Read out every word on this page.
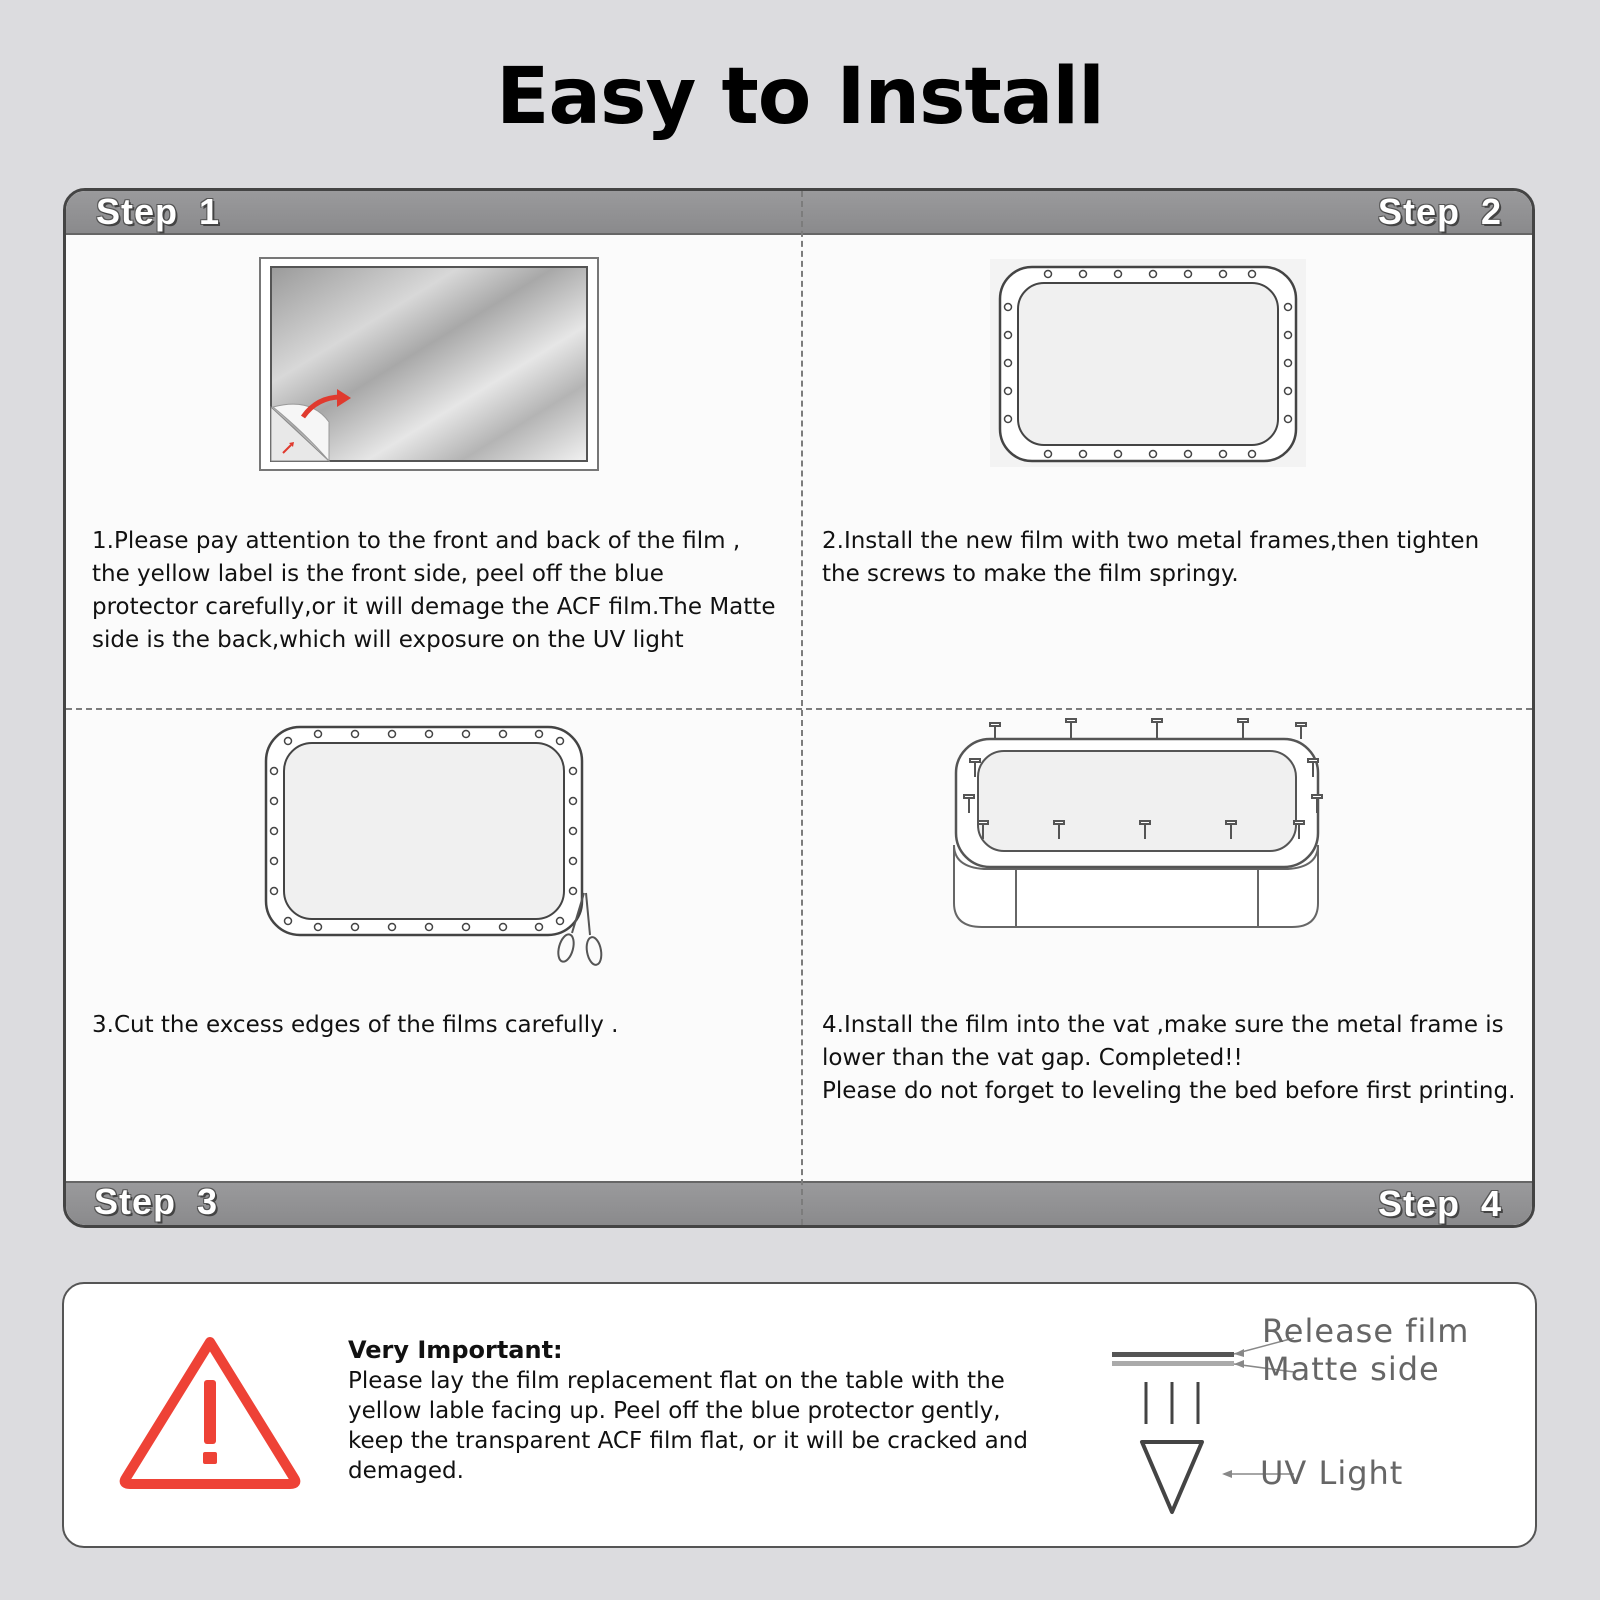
Easy to Install
Step 1	Step 2
Step 3	Step 4
1.Please pay attention to the front and back of the film , the yellow label is the front side, peel off the blue protector carefully,or it will demage the ACF film.The Matte side is the back,which will exposure on the UV light
2.Install the new film with two metal frames,then tighten the screws to make the film springy.
3.Cut the excess edges of the films carefully .	4.Install the film into the vat ,make sure the metal frame is lower than the vat gap. Completed!!
Please do not forget to leveling the bed before first printing.
Very Important:
Please lay the film replacement flat on the table with the yellow lable facing up. Peel off the blue protector gently, keep the transparent ACF film flat, or it will be cracked and demaged.
Release film
Matte side
UV Light
